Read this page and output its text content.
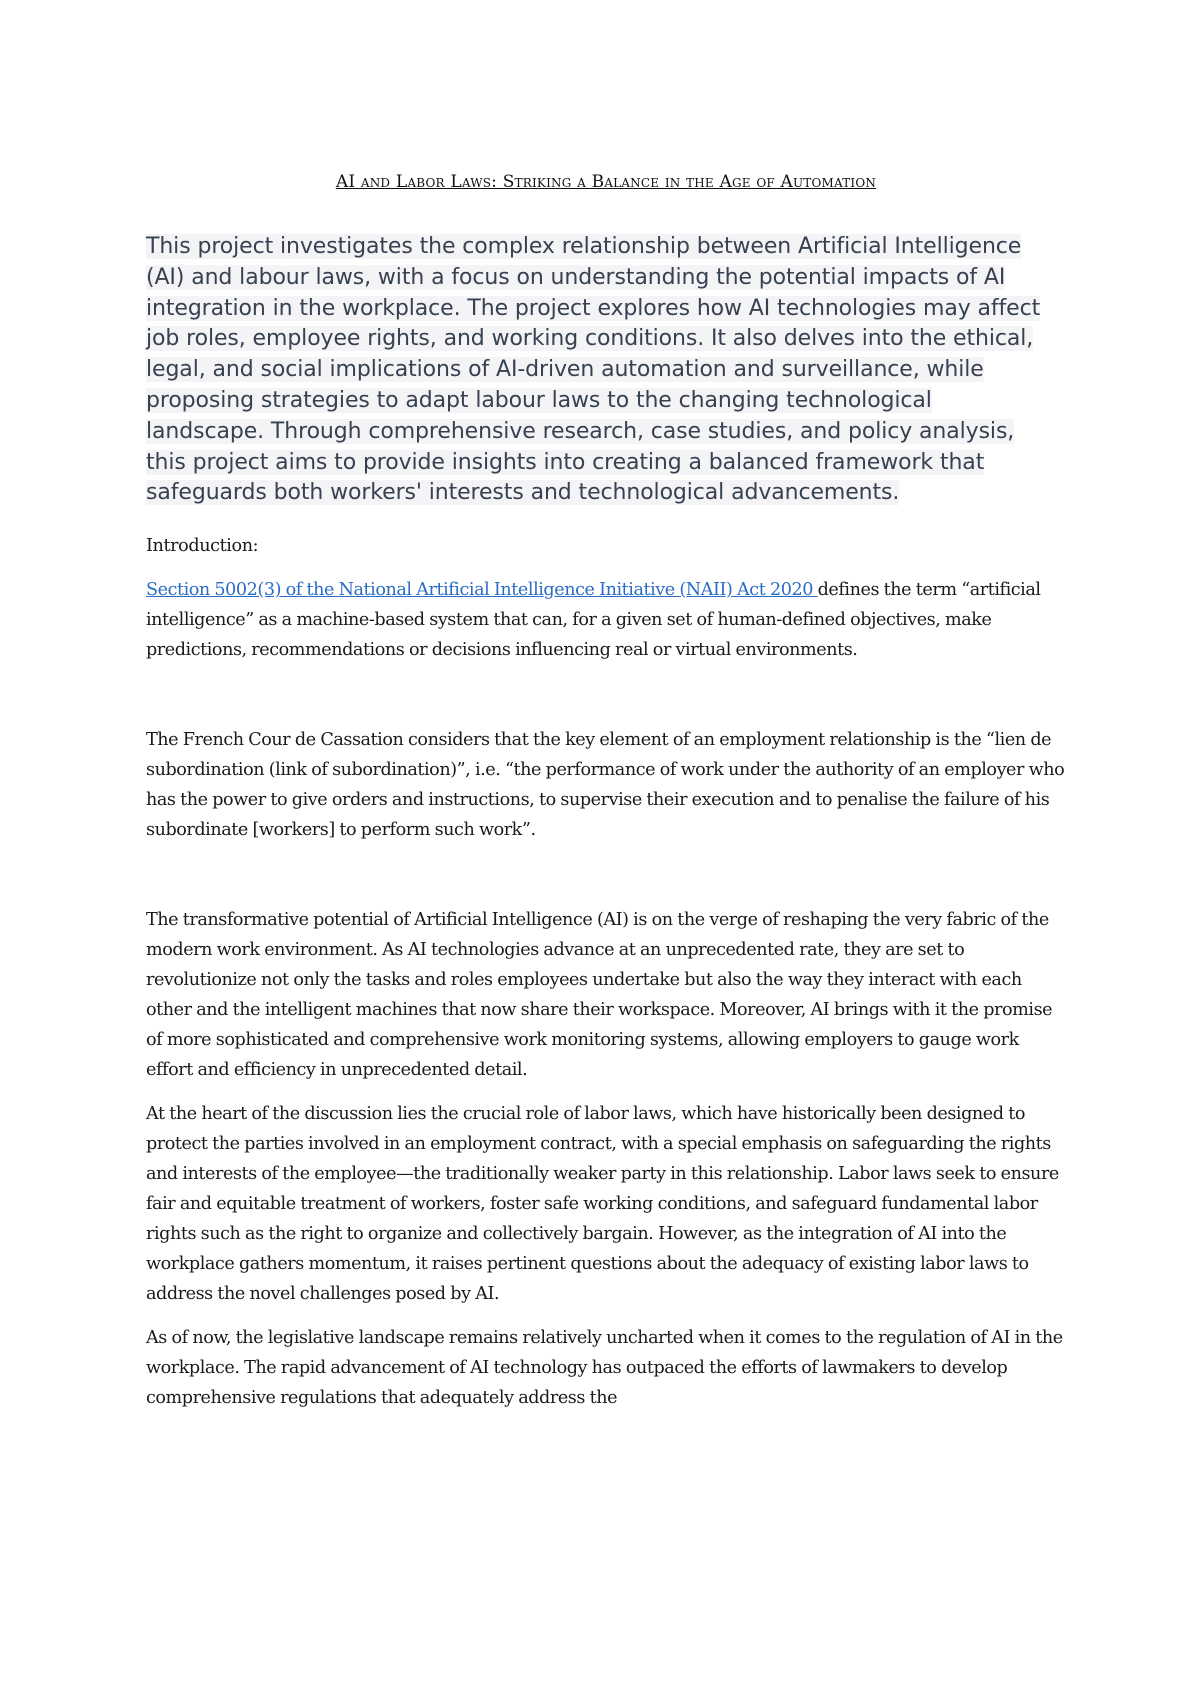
AI and Labor Laws: Striking a Balance in the Age of Automation

This project investigates the complex relationship between Artificial Intelligence (AI) and labour laws, with a focus on understanding the potential impacts of AI integration in the workplace. The project explores how AI technologies may affect job roles, employee rights, and working conditions. It also delves into the ethical, legal, and social implications of AI-driven automation and surveillance, while proposing strategies to adapt labour laws to the changing technological landscape. Through comprehensive research, case studies, and policy analysis, this project aims to provide insights into creating a balanced framework that safeguards both workers' interests and technological advancements.

Introduction:

Section 5002(3) of the National Artificial Intelligence Initiative (NAII) Act 2020 defines the term “artificial intelligence” as a machine-based system that can, for a given set of human-defined objectives, make predictions, recommendations or decisions influencing real or virtual environments.

The French Cour de Cassation considers that the key element of an employment relationship is the “lien de subordination (link of subordination)”, i.e. “the performance of work under the authority of an employer who has the power to give orders and instructions, to supervise their execution and to penalise the failure of his subordinate [workers] to perform such work”.

The transformative potential of Artificial Intelligence (AI) is on the verge of reshaping the very fabric of the modern work environment. As AI technologies advance at an unprecedented rate, they are set to revolutionize not only the tasks and roles employees undertake but also the way they interact with each other and the intelligent machines that now share their workspace. Moreover, AI brings with it the promise of more sophisticated and comprehensive work monitoring systems, allowing employers to gauge work effort and efficiency in unprecedented detail.

At the heart of the discussion lies the crucial role of labor laws, which have historically been designed to protect the parties involved in an employment contract, with a special emphasis on safeguarding the rights and interests of the employee—the traditionally weaker party in this relationship. Labor laws seek to ensure fair and equitable treatment of workers, foster safe working conditions, and safeguard fundamental labor rights such as the right to organize and collectively bargain. However, as the integration of AI into the workplace gathers momentum, it raises pertinent questions about the adequacy of existing labor laws to address the novel challenges posed by AI.

As of now, the legislative landscape remains relatively uncharted when it comes to the regulation of AI in the workplace. The rapid advancement of AI technology has outpaced the efforts of lawmakers to develop comprehensive regulations that adequately address the
